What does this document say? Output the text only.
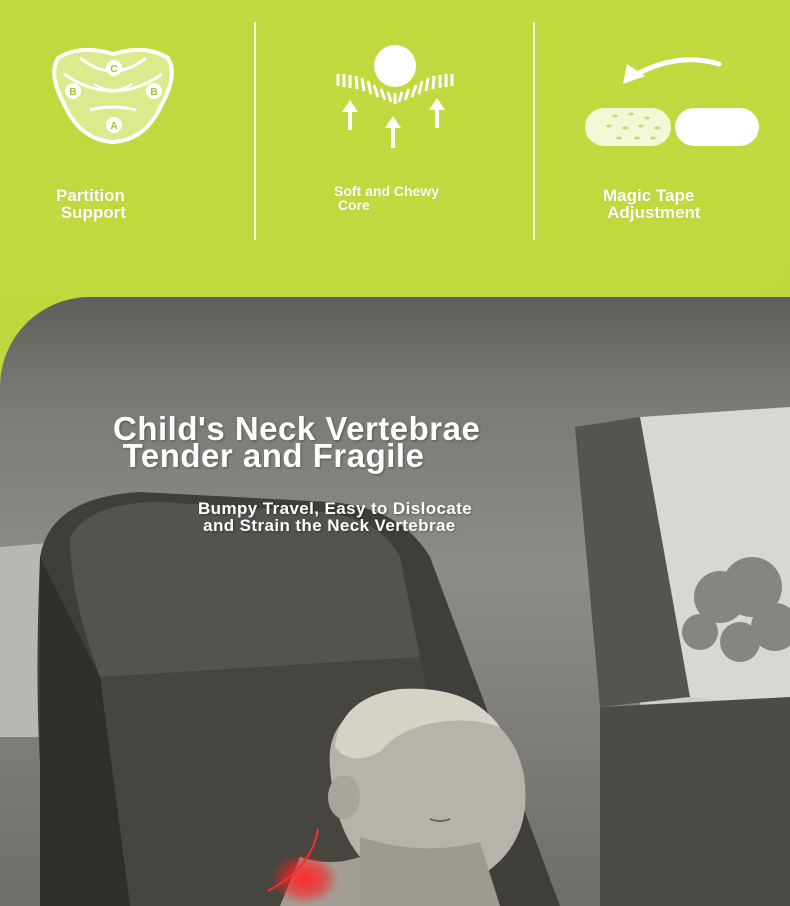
C
B	B
A
Partition
Support
Soft and Chewy
Core	Magic Tape
Adjustment
Child's Neck Vertebrae
Tender and Fragile
Bumpy Travel, Easy to Dislocate
and Strain the Neck Vertebrae
